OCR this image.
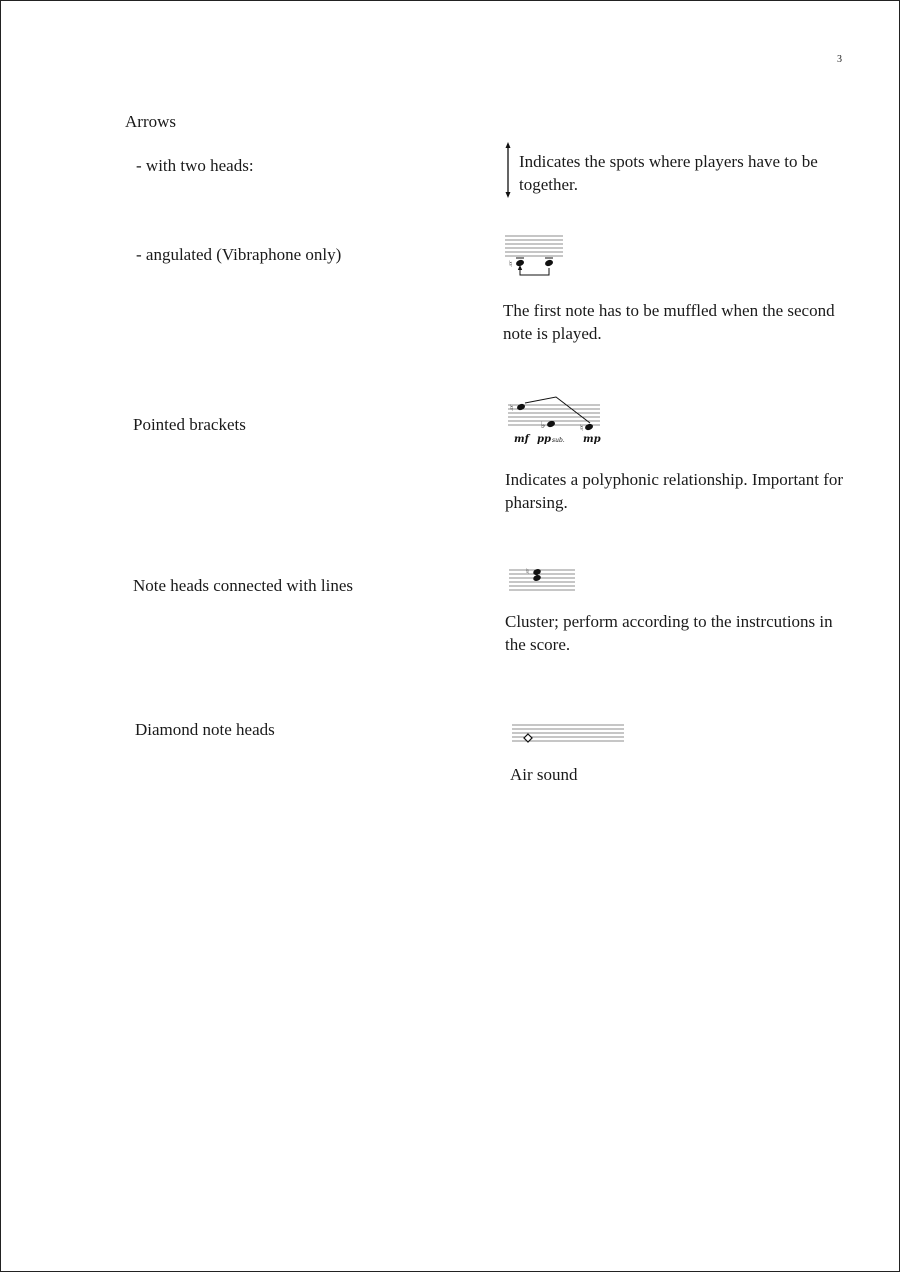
3
Arrows
- with two heads:	Indicates the spots where players have to be together.
- angulated (Vibraphone only)
♮
The first note has to be muffled when the second note is played.
Pointed brackets
♮
♭	♮
mf pp sub. mp
Indicates a polyphonic relationship. Important for pharsing.
Note heads connected with lines
♮
Cluster; perform according to the instrcutions in the score.
Diamond note heads
Air sound
